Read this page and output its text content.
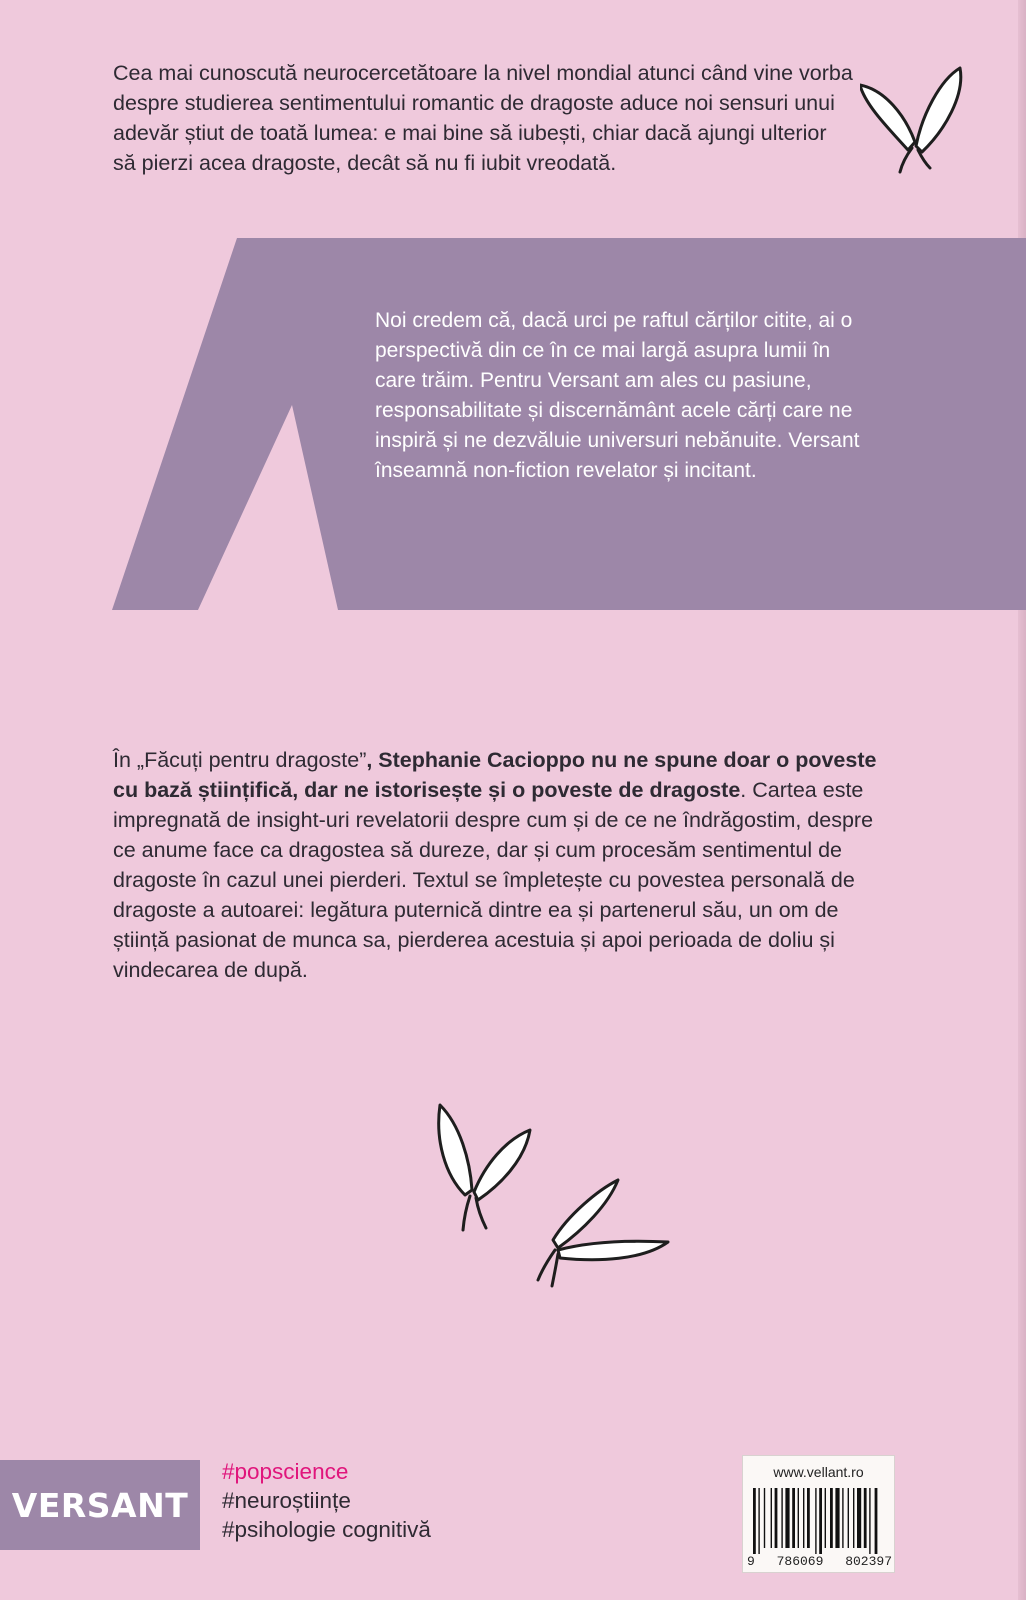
Cea mai cunoscută neurocercetătoare la nivel mondial atunci când vine vorba despre studierea sentimentului romantic de dragoste aduce noi sensuri unui adevăr știut de toată lumea: e mai bine să iubești, chiar dacă ajungi ulterior să pierzi acea dragoste, decât să nu fi iubit vreodată.

Noi credem că, dacă urci pe raftul cărților citite, ai o perspectivă din ce în ce mai largă asupra lumii în care trăim. Pentru Versant am ales cu pasiune, responsabilitate și discernământ acele cărți care ne inspiră și ne dezvăluie universuri nebănuite. Versant înseamnă non-fiction revelator și incitant.

În „Făcuți pentru dragoste”, Stephanie Cacioppo nu ne spune doar o poveste cu bază științifică, dar ne istorisește și o poveste de dragoste. Cartea este impregnată de insight-uri revelatorii despre cum și de ce ne îndrăgostim, despre ce anume face ca dragostea să dureze, dar și cum procesăm sentimentul de dragoste în cazul unei pierderi. Textul se împletește cu povestea personală de dragoste a autoarei: legătura puternică dintre ea și partenerul său, un om de știință pasionat de munca sa, pierderea acestuia și apoi perioada de doliu și vindecarea de după.

VERSANT
#popscience
#neuroștiințe
#psihologie cognitivă
www.vellant.ro
9 786069 802397
